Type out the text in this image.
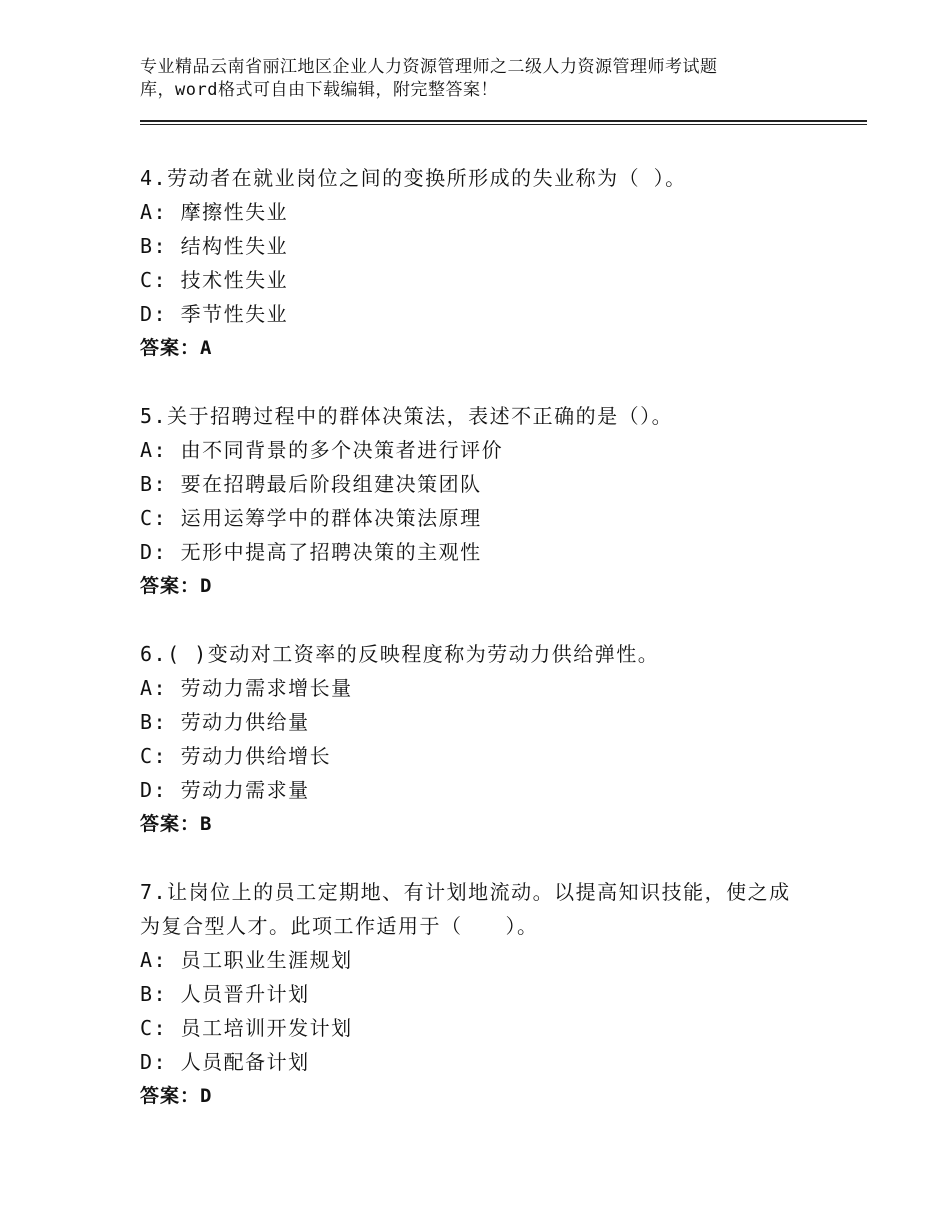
专业精品云南省丽江地区企业人力资源管理师之二级人力资源管理师考试题
库，word格式可自由下载编辑，附完整答案！
4.劳动者在就业岗位之间的变换所形成的失业称为（ ）。
A: 摩擦性失业
B: 结构性失业
C: 技术性失业
D: 季节性失业
答案：A
5.关于招聘过程中的群体决策法，表述不正确的是（）。
A: 由不同背景的多个决策者进行评价
B: 要在招聘最后阶段组建决策团队
C: 运用运筹学中的群体决策法原理
D: 无形中提高了招聘决策的主观性
答案：D
6.( )变动对工资率的反映程度称为劳动力供给弹性。
A: 劳动力需求增长量
B: 劳动力供给量
C: 劳动力供给增长
D: 劳动力需求量
答案：B
7.让岗位上的员工定期地、有计划地流动。以提高知识技能，使之成
为复合型人才。此项工作适用于（　　）。
A: 员工职业生涯规划
B: 人员晋升计划
C: 员工培训开发计划
D: 人员配备计划
答案：D
